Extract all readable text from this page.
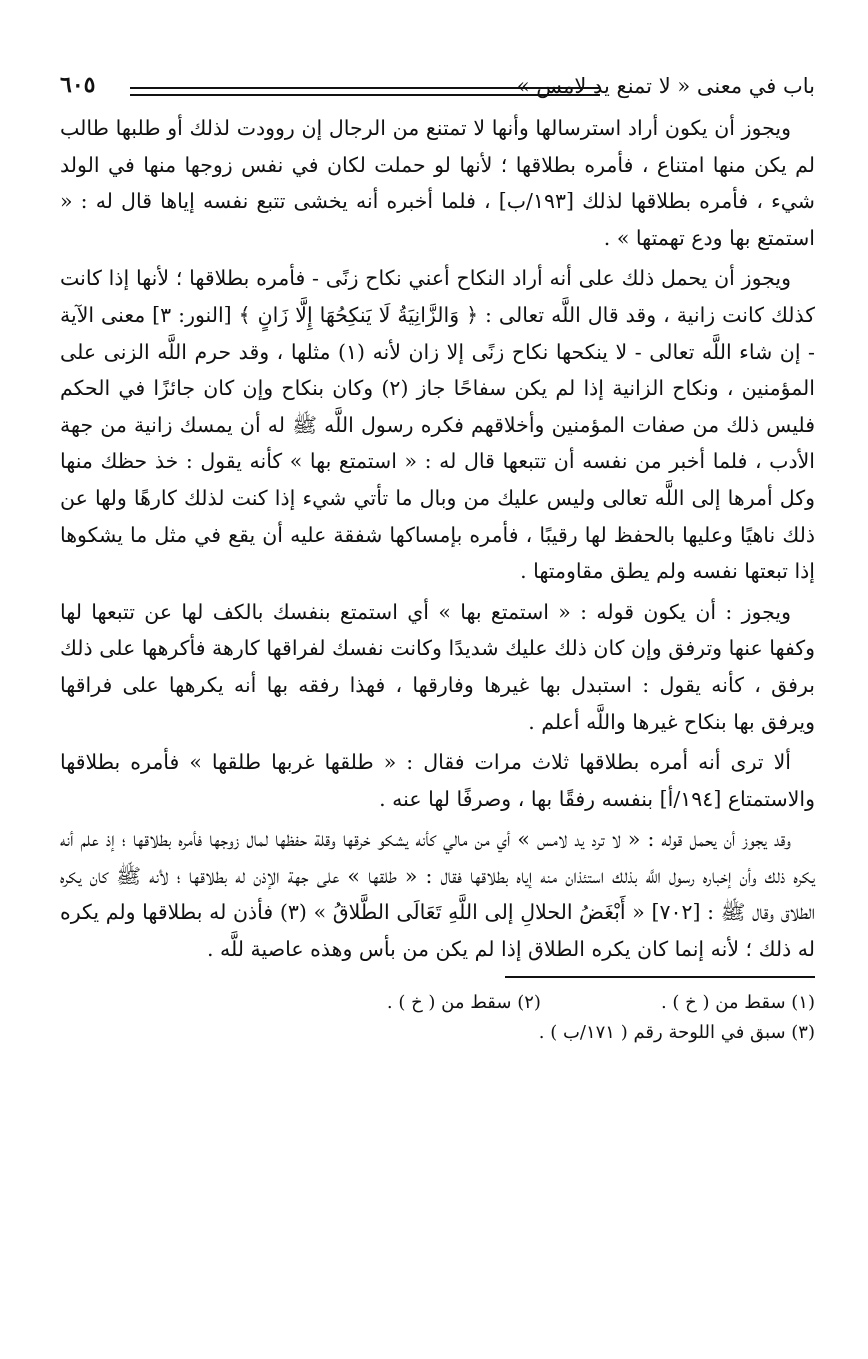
باب في معنى « لا تمنع يد لامس »
٦٠٥

ويجوز أن يكون أراد استرسالها وأنها لا تمتنع من الرجال إن روودت لذلك أو طلبها طالب لم يكن منها امتناع ، فأمره بطلاقها ؛ لأنها لو حملت لكان في نفس زوجها منها في الولد شيء ، فأمره بطلاقها لذلك [١٩٣/ب] ، فلما أخبره أنه يخشى تتبع نفسه إياها قال له : « استمتع بها ودع تهمتها » .

ويجوز أن يحمل ذلك على أنه أراد النكاح أعني نكاح زنًى - فأمره بطلاقها ؛ لأنها إذا كانت كذلك كانت زانية ، وقد قال اللَّه تعالى : ﴿ وَالزَّانِيَةُ لَا يَنكِحُهَا إِلَّا زَانٍ ﴾ [النور: ٣] معنى الآية - إن شاء اللَّه تعالى - لا ينكحها نكاح زنًى إلا زان لأنه (١) مثلها ، وقد حرم اللَّه الزنى على المؤمنين ، ونكاح الزانية إذا لم يكن سفاحًا جاز (٢) وكان بنكاح وإن كان جائزًا في الحكم فليس ذلك من صفات المؤمنين وأخلاقهم فكره رسول اللَّه ﷺ له أن يمسك زانية من جهة الأدب ، فلما أخبر من نفسه أن تتبعها قال له : « استمتع بها » كأنه يقول : خذ حظك منها وكل أمرها إلى اللَّه تعالى وليس عليك من وبال ما تأتي شيء إذا كنت لذلك كارهًا ولها عن ذلك ناهيًا وعليها بالحفظ لها رقيبًا ، فأمره بإمساكها شفقة عليه أن يقع في مثل ما يشكوها إذا تبعتها نفسه ولم يطق مقاومتها .

ويجوز : أن يكون قوله : « استمتع بها » أي استمتع بنفسك بالكف لها عن تتبعها لها وكفها عنها وترفق وإن كان ذلك عليك شديدًا وكانت نفسك لفراقها كارهة فأكرهها على ذلك برفق ، كأنه يقول : استبدل بها غيرها وفارقها ، فهذا رفقه بها أنه يكرهها على فراقها ويرفق بها بنكاح غيرها واللَّه أعلم .

ألا ترى أنه أمره بطلاقها ثلاث مرات فقال : « طلقها غربها طلقها » فأمره بطلاقها والاستمتاع [١٩٤/أ] بنفسه رفقًا بها ، وصرفًا لها عنه .

وقد يجوز أن يحمل قوله : « لا ترد يد لامس » أي من مالي كأنه يشكو خرقها وقلة حفظها لمال زوجها فأمره بطلاقها ؛ إذ علم أنه يكره ذلك وأن إخباره رسول اللَّه بذلك استئذان منه إياه بطلاقها فقال : « طلقها » على جهة الإذن له بطلاقها ؛ لأنه ﷺ كان يكره الطلاق وقال ﷺ : [٧٠٢] « أَبْغَضُ الحلالِ إلى اللَّهِ تَعَالَى الطَّلاقُ » (٣) فأذن له بطلاقها ولم يكره له ذلك ؛ لأنه إنما كان يكره الطلاق إذا لم يكن من بأس وهذه عاصية للَّه .

(١) سقط من ( خ ) .
(٢) سقط من ( خ ) .
(٣) سبق في اللوحة رقم ( ١٧١/ب ) .
